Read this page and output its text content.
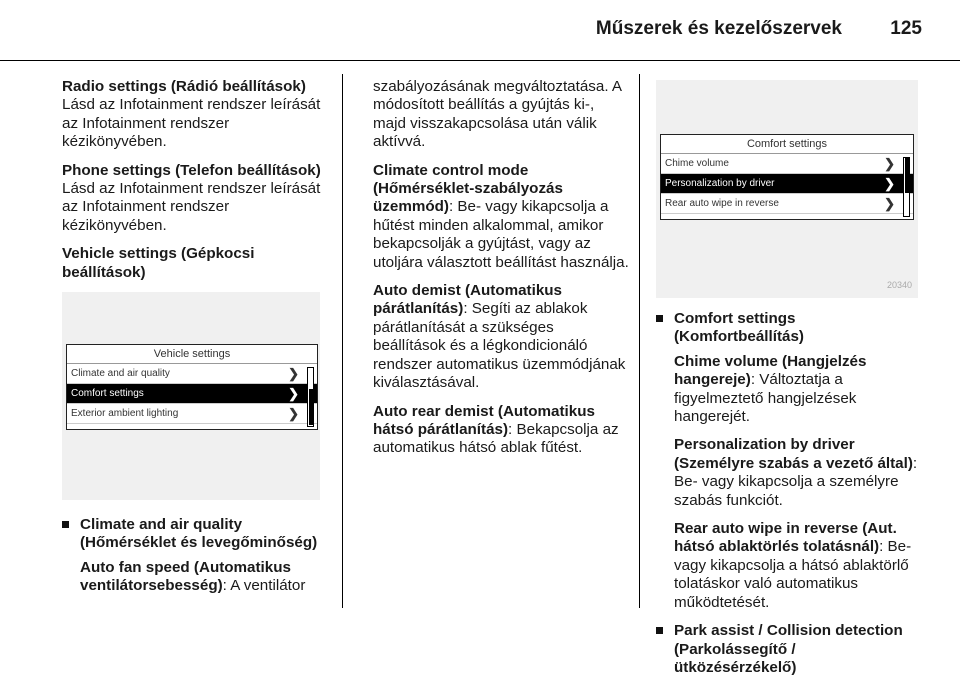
Műszerek és kezelőszervek	125

Radio settings (Rádió beállítások)
Lásd az Infotainment rendszer leírását az Infotainment rendszer kézikönyvében.

Phone settings (Telefon beállítások)
Lásd az Infotainment rendszer leírását az Infotainment rendszer kézikönyvében.

Vehicle settings (Gépkocsi beállítások)

Vehicle settings
Climate and air quality	❯
Comfort settings	❯
Exterior ambient lighting	❯
Climate and air quality (Hőmérséklet és levegőminőség)

Auto fan speed (Automatikus ventilátorsebesség): A ventilátor

szabályozásának megváltoztatása. A módosított beállítás a gyújtás ki-, majd visszakapcsolása után válik aktívvá.

Climate control mode (Hőmérséklet-szabályozás üzemmód): Be- vagy kikapcsolja a hűtést minden alkalommal, amikor bekapcsolják a gyújtást, vagy az utoljára választott beállítást használja.

Auto demist (Automatikus párátlanítás): Segíti az ablakok párátlanítását a szükséges beállítások és a légkondicionáló rendszer automatikus üzemmódjának kiválasztásával.

Auto rear demist (Automatikus hátsó párátlanítás): Bekapcsolja az automatikus hátsó ablak fűtést.

Comfort settings
Chime volume	❯
Personalization by driver	❯
Rear auto wipe in reverse	❯
20340
Comfort settings (Komfortbeállítás)

Chime volume (Hangjelzés hangereje): Változtatja a figyelmeztető hangjelzések hangerejét.

Personalization by driver (Személyre szabás a vezető által): Be- vagy kikapcsolja a személyre szabás funkciót.

Rear auto wipe in reverse (Aut. hátsó ablaktörlés tolatásnál): Be- vagy kikapcsolja a hátsó ablaktörlő tolatáskor való automatikus működtetését.

Park assist / Collision detection (Parkolássegítő / ütközésérzékelő)
